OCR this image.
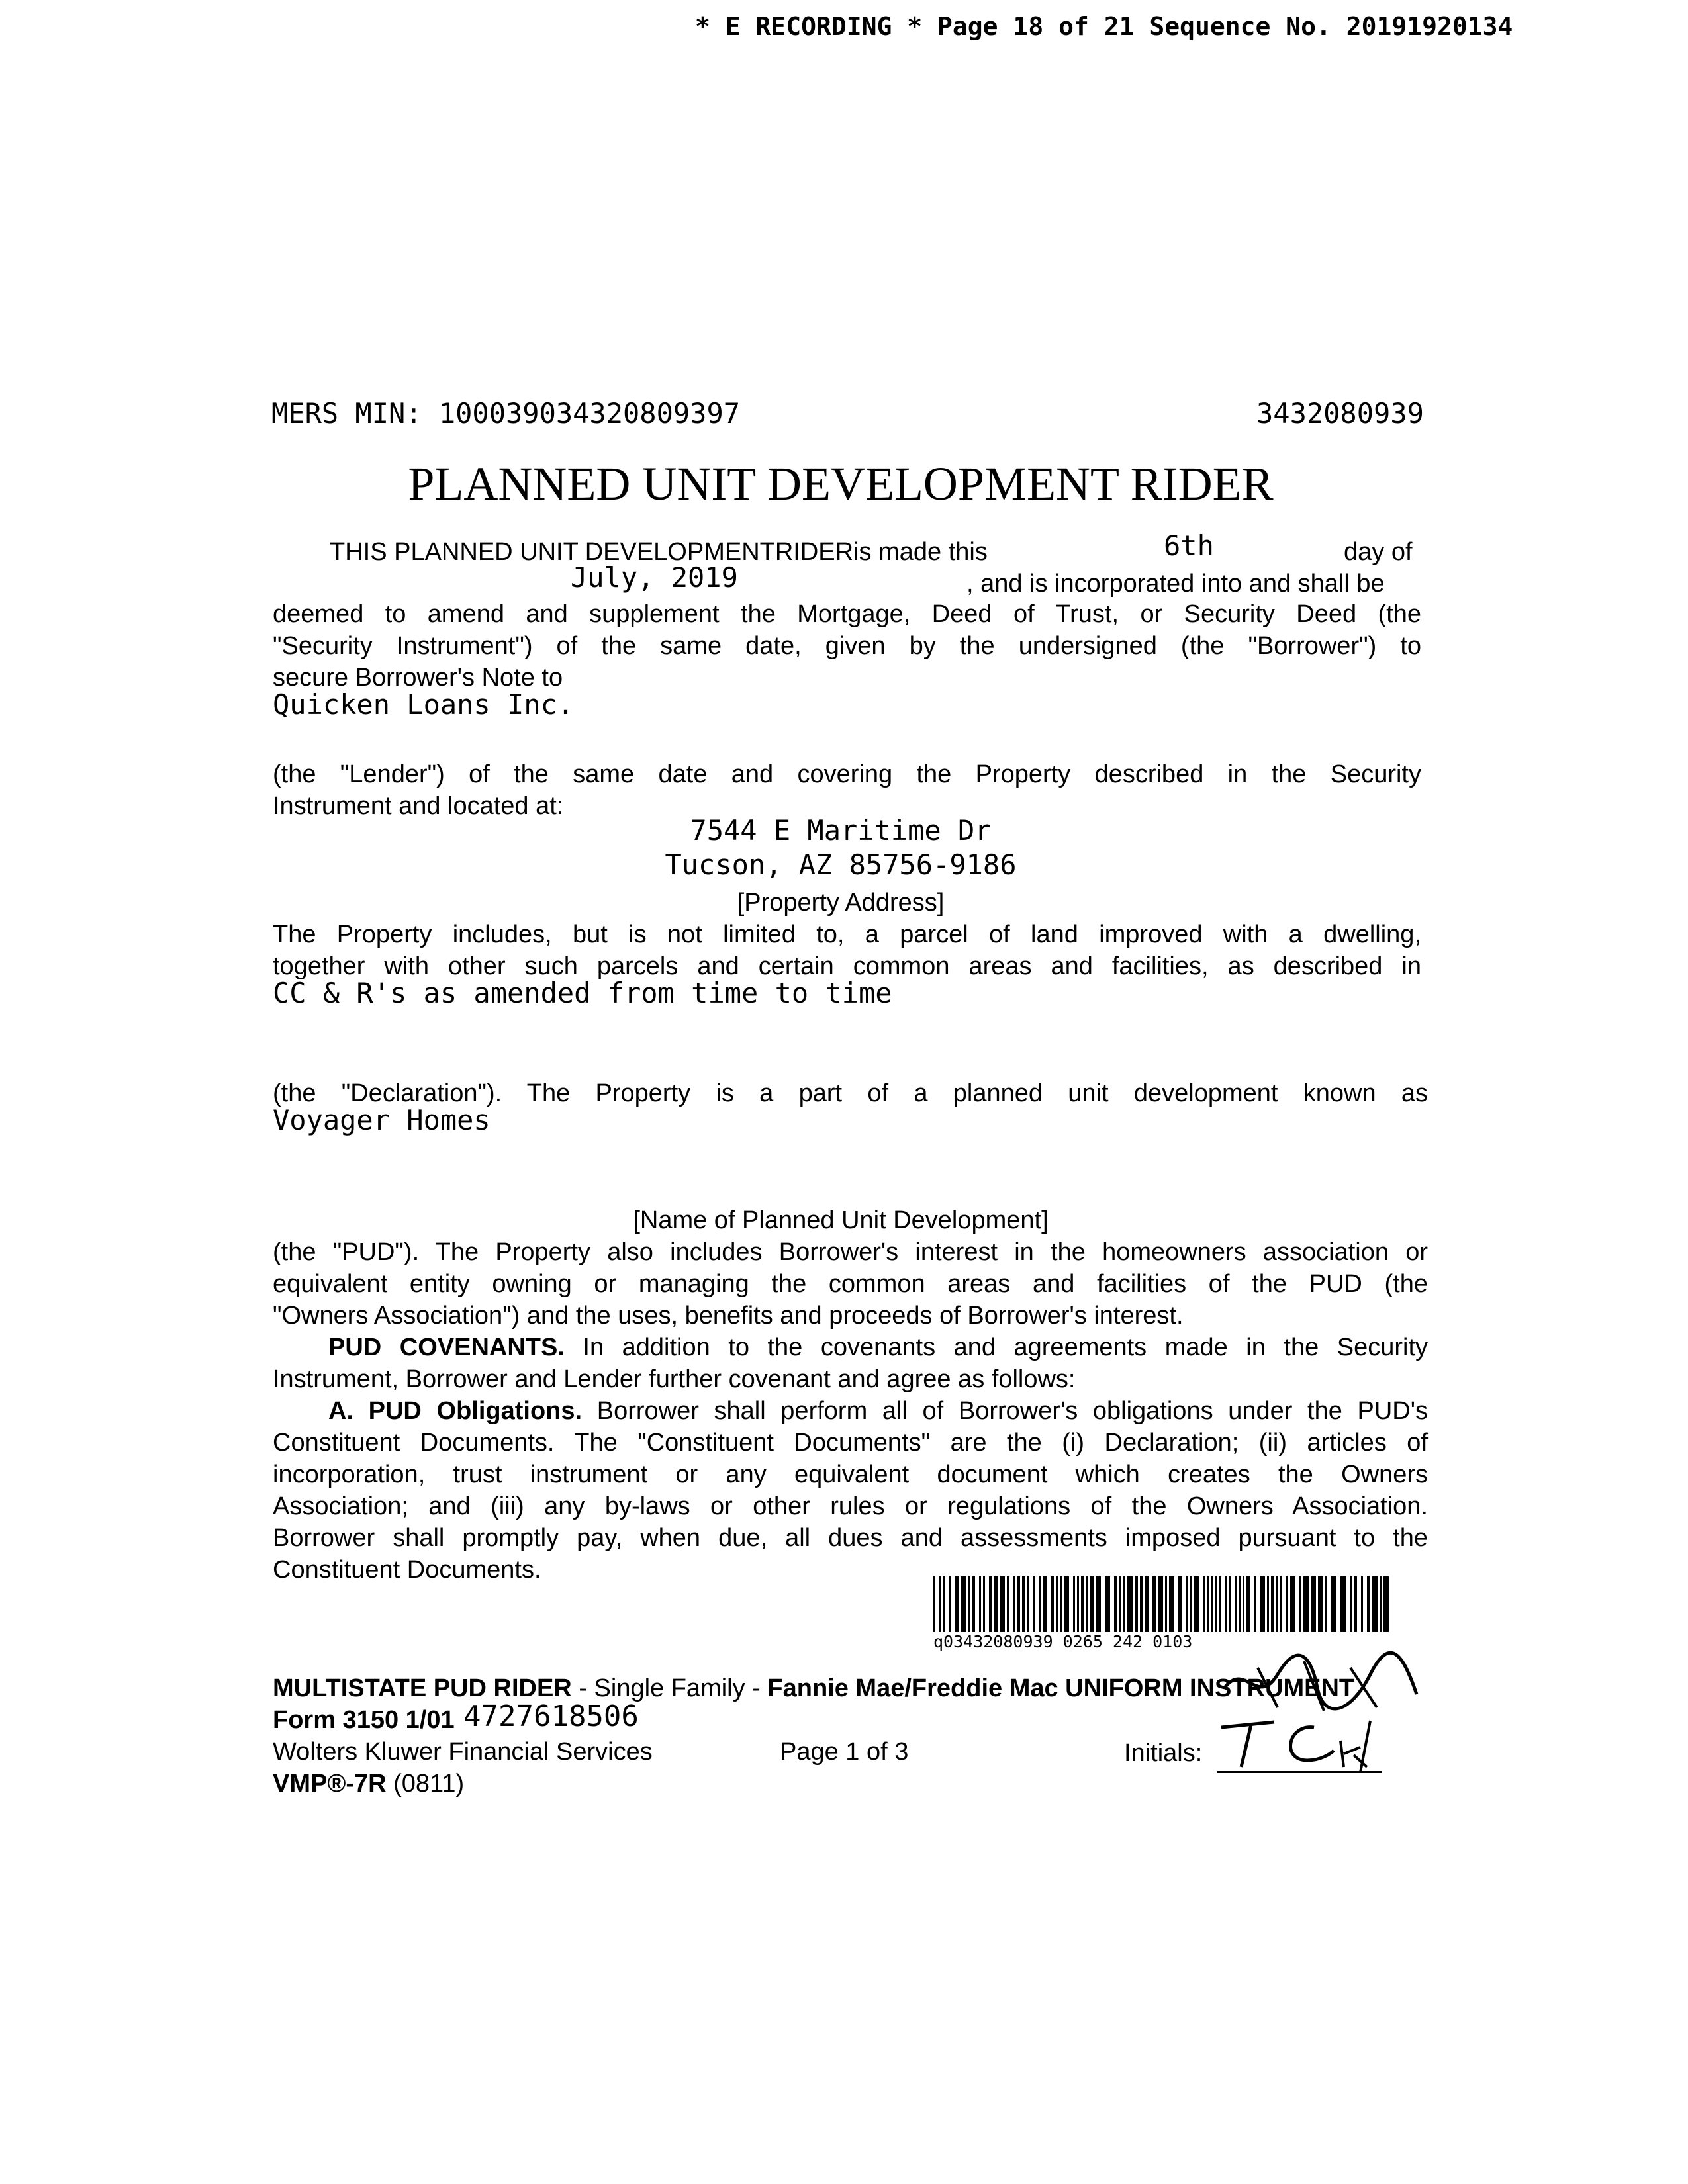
* E RECORDING * Page 18 of 21 Sequence No. 20191920134
MERS MIN: 100039034320809397	3432080939
PLANNED UNIT DEVELOPMENT RIDER
THIS PLANNED UNIT DEVELOPMENTRIDERis made this	6th	day of
July, 2019	, and is incorporated into and shall be
deemed to amend and supplement the Mortgage, Deed of Trust, or Security Deed (the
"Security Instrument") of the same date, given by the undersigned (the "Borrower") to
secure Borrower's Note to
Quicken Loans Inc.
(the "Lender") of the same date and covering the Property described in the Security
Instrument and located at:
7544 E Maritime Dr
Tucson, AZ 85756-9186
[Property Address]
The Property includes, but is not limited to, a parcel of land improved with a dwelling,
together with other such parcels and certain common areas and facilities, as described in
CC & R's as amended from time to time
(the "Declaration"). The Property is a part of a planned unit development known as
Voyager Homes
[Name of Planned Unit Development]
(the "PUD"). The Property also includes Borrower's interest in the homeowners association or
equivalent entity owning or managing the common areas and facilities of the PUD (the
"Owners Association") and the uses, benefits and proceeds of Borrower's interest.
PUD COVENANTS. In addition to the covenants and agreements made in the Security
Instrument, Borrower and Lender further covenant and agree as follows:
A. PUD Obligations. Borrower shall perform all of Borrower's obligations under the PUD's
Constituent Documents. The "Constituent Documents" are the (i) Declaration; (ii) articles of
incorporation, trust instrument or any equivalent document which creates the Owners
Association; and (iii) any by-laws or other rules or regulations of the Owners Association.
Borrower shall promptly pay, when due, all dues and assessments imposed pursuant to the
Constituent Documents.
q03432080939 0265 242 0103
MULTISTATE PUD RIDER - Single Family - Fannie Mae/Freddie Mac UNIFORM INSTRUMENT
Form 3150 1/01 4727618506
Wolters Kluwer Financial Services	Page 1 of 3	Initials:
VMP®-7R (0811)
